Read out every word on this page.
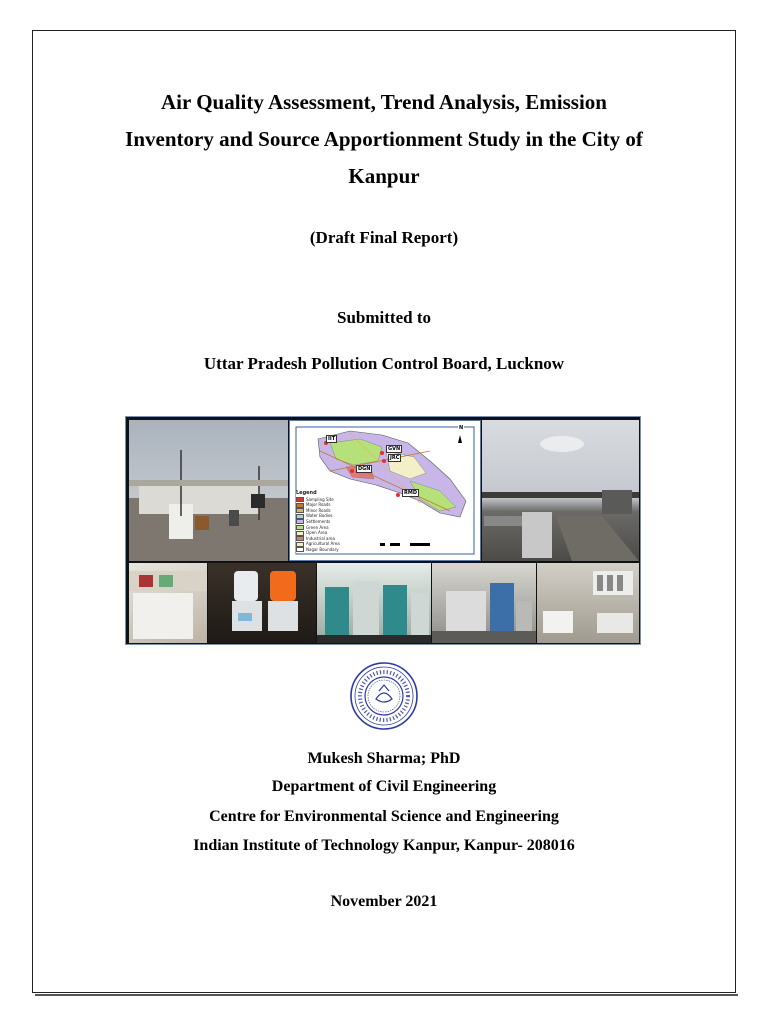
Air Quality Assessment, Trend Analysis, Emission
Inventory and Source Apportionment Study in the City of
Kanpur
(Draft Final Report)
Submitted to
Uttar Pradesh Pollution Control Board, Lucknow
IIT
GVN
JRC
DGN
RMD
N
Legend
Sampling Site
Major Roads
Minor Roads
Water Bodies
Settlements
Green Area
Open Area
Industrial area
Agricultural Area
Nagar Boundary
Mukesh Sharma; PhD
Department of Civil Engineering
Centre for Environmental Science and Engineering
Indian Institute of Technology Kanpur, Kanpur- 208016
November 2021
